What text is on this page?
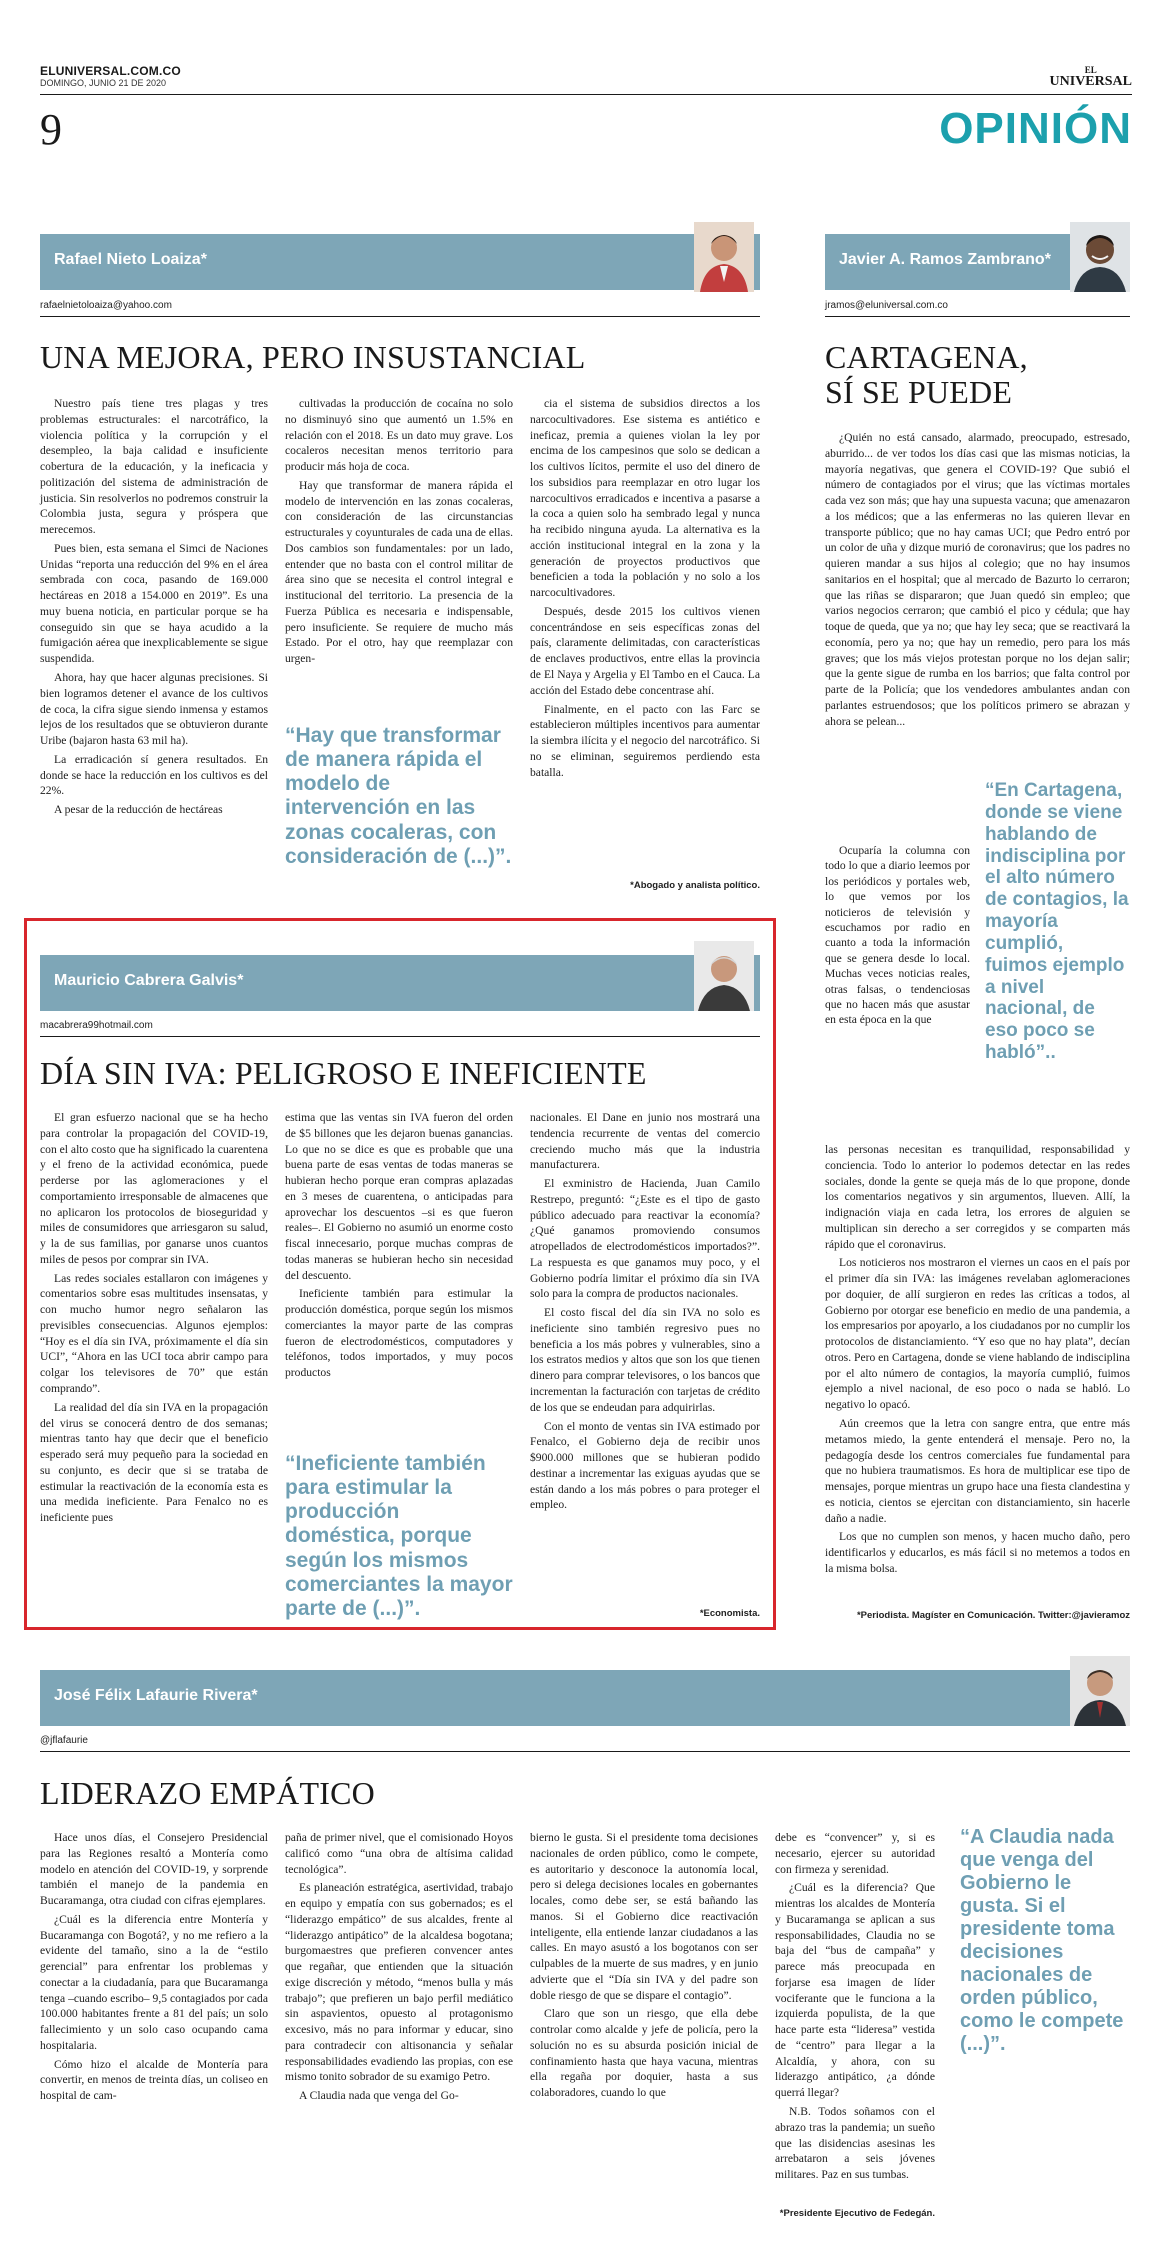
ELUNIVERSAL.COM.CO
DOMINGO, JUNIO 21 DE 2020
EL
UNIVERSAL
9	OPINIÓN
Rafael Nieto Loaiza*
rafaelnietoloaiza@yahoo.com
UNA MEJORA, PERO INSUSTANCIAL

Nuestro país tiene tres plagas y tres problemas estructurales: el narcotráfico, la violencia política y la corrupción y el desempleo, la baja calidad e insuficiente cobertura de la educación, y la ineficacia y politización del sistema de administración de justicia. Sin resolverlos no podremos construir la Colombia justa, segura y próspera que merecemos.

Pues bien, esta semana el Simci de Naciones Unidas “reporta una reducción del 9% en el área sembrada con coca, pasando de 169.000 hectáreas en 2018 a 154.000 en 2019”. Es una muy buena noticia, en particular porque se ha conseguido sin que se haya acudido a la fumigación aérea que inexplicablemente se sigue suspendida.

Ahora, hay que hacer algunas precisiones. Si bien logramos detener el avance de los cultivos de coca, la cifra sigue siendo inmensa y estamos lejos de los resultados que se obtuvieron durante Uribe (bajaron hasta 63 mil ha).

La erradicación sí genera resultados. En donde se hace la reducción en los cultivos es del 22%.

A pesar de la reducción de hectáreas

cultivadas la producción de cocaína no solo no disminuyó sino que aumentó un 1.5% en relación con el 2018. Es un dato muy grave. Los cocaleros necesitan menos territorio para producir más hoja de coca.

Hay que transformar de manera rápida el modelo de intervención en las zonas cocaleras, con consideración de las circunstancias estructurales y coyunturales de cada una de ellas. Dos cambios son fundamentales: por un lado, entender que no basta con el control militar de área sino que se necesita el control integral e institucional del territorio. La presencia de la Fuerza Pública es necesaria e indispensable, pero insuficiente. Se requiere de mucho más Estado. Por el otro, hay que reemplazar con urgen-

“Hay que transformar de manera rápida el modelo de intervención en las zonas cocaleras, con consideración de (...)”.

cia el sistema de subsidios directos a los narcocultivadores. Ese sistema es antiético e ineficaz, premia a quienes violan la ley por encima de los campesinos que solo se dedican a los cultivos lícitos, permite el uso del dinero de los subsidios para reemplazar en otro lugar los narcocultivos erradicados e incentiva a pasarse a la coca a quien solo ha sembrado legal y nunca ha recibido ninguna ayuda. La alternativa es la acción institucional integral en la zona y la generación de proyectos productivos que beneficien a toda la población y no solo a los narcocultivadores.

Después, desde 2015 los cultivos vienen concentrándose en seis específicas zonas del país, claramente delimitadas, con características de enclaves productivos, entre ellas la provincia de El Naya y Argelia y El Tambo en el Cauca. La acción del Estado debe concentrase ahí.

Finalmente, en el pacto con las Farc se establecieron múltiples incentivos para aumentar la siembra ilícita y el negocio del narcotráfico. Si no se eliminan, seguiremos perdiendo esta batalla.

*Abogado y analista político.
Javier A. Ramos Zambrano*
jramos@eluniversal.com.co
CARTAGENA,
SÍ SE PUEDE

¿Quién no está cansado, alarmado, preocupado, estresado, aburrido... de ver todos los días casi que las mismas noticias, la mayoría negativas, que genera el COVID-19? Que subió el número de contagiados por el virus; que las víctimas mortales cada vez son más; que hay una supuesta vacuna; que amenazaron a los médicos; que a las enfermeras no las quieren llevar en transporte público; que no hay camas UCI; que Pedro entró por un color de uña y dizque murió de coronavirus; que los padres no quieren mandar a sus hijos al colegio; que no hay insumos sanitarios en el hospital; que al mercado de Bazurto lo cerraron; que las riñas se dispararon; que Juan quedó sin empleo; que varios negocios cerraron; que cambió el pico y cédula; que hay toque de queda, que ya no; que hay ley seca; que se reactivará la economía, pero ya no; que hay un remedio, pero para los más graves; que los más viejos protestan porque no los dejan salir; que la gente sigue de rumba en los barrios; que falta control por parte de la Policía; que los vendedores ambulantes andan con parlantes estruendosos; que los políticos primero se abrazan y ahora se pelean...

Ocuparía la columna con todo lo que a diario leemos por los periódicos y portales web, lo que vemos por los noticieros de televisión y escuchamos por radio en cuanto a toda la información que se genera desde lo local. Muchas veces noticias reales, otras falsas, o tendenciosas que no hacen más que asustar en esta época en la que

“En Cartagena, donde se viene hablando de indisciplina por el alto número de contagios, la mayoría cumplió, fuimos ejemplo a nivel nacional, de eso poco se habló”..

las personas necesitan es tranquilidad, responsabilidad y conciencia. Todo lo anterior lo podemos detectar en las redes sociales, donde la gente se queja más de lo que propone, donde los comentarios negativos y sin argumentos, llueven. Allí, la indignación viaja en cada letra, los errores de alguien se multiplican sin derecho a ser corregidos y se comparten más rápido que el coronavirus.

Los noticieros nos mostraron el viernes un caos en el país por el primer día sin IVA: las imágenes revelaban aglomeraciones por doquier, de allí surgieron en redes las críticas a todos, al Gobierno por otorgar ese beneficio en medio de una pandemia, a los empresarios por apoyarlo, a los ciudadanos por no cumplir los protocolos de distanciamiento. “Y eso que no hay plata”, decían otros. Pero en Cartagena, donde se viene hablando de indisciplina por el alto número de contagios, la mayoría cumplió, fuimos ejemplo a nivel nacional, de eso poco o nada se habló. Lo negativo lo opacó.

Aún creemos que la letra con sangre entra, que entre más metamos miedo, la gente entenderá el mensaje. Pero no, la pedagogía desde los centros comerciales fue fundamental para que no hubiera traumatismos. Es hora de multiplicar ese tipo de mensajes, porque mientras un grupo hace una fiesta clandestina y es noticia, cientos se ejercitan con distanciamiento, sin hacerle daño a nadie.

Los que no cumplen son menos, y hacen mucho daño, pero identificarlos y educarlos, es más fácil si no metemos a todos en la misma bolsa.

*Periodista. Magíster en Comunicación. Twitter:@javieramoz
Mauricio Cabrera Galvis*
macabrera99hotmail.com
DÍA SIN IVA: PELIGROSO E INEFICIENTE

El gran esfuerzo nacional que se ha hecho para controlar la propagación del COVID-19, con el alto costo que ha significado la cuarentena y el freno de la actividad económica, puede perderse por las aglomeraciones y el comportamiento irresponsable de almacenes que no aplicaron los protocolos de bioseguridad y miles de consumidores que arriesgaron su salud, y la de sus familias, por ganarse unos cuantos miles de pesos por comprar sin IVA.

Las redes sociales estallaron con imágenes y comentarios sobre esas multitudes insensatas, y con mucho humor negro señalaron las previsibles consecuencias. Algunos ejemplos: “Hoy es el día sin IVA, próximamente el día sin UCI”, “Ahora en las UCI toca abrir campo para colgar los televisores de 70” que están comprando”.

La realidad del día sin IVA en la propagación del virus se conocerá dentro de dos semanas; mientras tanto hay que decir que el beneficio esperado será muy pequeño para la sociedad en su conjunto, es decir que si se trataba de estimular la reactivación de la economía esta es una medida ineficiente. Para Fenalco no es ineficiente pues

estima que las ventas sin IVA fueron del orden de $5 billones que les dejaron buenas ganancias. Lo que no se dice es que es probable que una buena parte de esas ventas de todas maneras se hubieran hecho porque eran compras aplazadas en 3 meses de cuarentena, o anticipadas para aprovechar los descuentos –si es que fueron reales–. El Gobierno no asumió un enorme costo fiscal innecesario, porque muchas compras de todas maneras se hubieran hecho sin necesidad del descuento.

Ineficiente también para estimular la producción doméstica, porque según los mismos comerciantes la mayor parte de las compras fueron de electrodomésticos, computadores y teléfonos, todos importados, y muy pocos productos

“Ineficiente también para estimular la producción doméstica, porque según los mismos comerciantes la mayor parte de (...)”.

nacionales. El Dane en junio nos mostrará una tendencia recurrente de ventas del comercio creciendo mucho más que la industria manufacturera.

El exministro de Hacienda, Juan Camilo Restrepo, preguntó: “¿Este es el tipo de gasto público adecuado para reactivar la economía? ¿Qué ganamos promoviendo consumos atropellados de electrodomésticos importados?”. La respuesta es que ganamos muy poco, y el Gobierno podría limitar el próximo día sin IVA solo para la compra de productos nacionales.

El costo fiscal del día sin IVA no solo es ineficiente sino también regresivo pues no beneficia a los más pobres y vulnerables, sino a los estratos medios y altos que son los que tienen dinero para comprar televisores, o los bancos que incrementan la facturación con tarjetas de crédito de los que se endeudan para adquirirlas.

Con el monto de ventas sin IVA estimado por Fenalco, el Gobierno deja de recibir unos $900.000 millones que se hubieran podido destinar a incrementar las exiguas ayudas que se están dando a los más pobres o para proteger el empleo.

*Economista.
José Félix Lafaurie Rivera*
@jflafaurie
LIDERAZO EMPÁTICO

Hace unos días, el Consejero Presidencial para las Regiones resaltó a Montería como modelo en atención del COVID-19, y sorprende también el manejo de la pandemia en Bucaramanga, otra ciudad con cifras ejemplares.

¿Cuál es la diferencia entre Montería y Bucaramanga con Bogotá?, y no me refiero a la evidente del tamaño, sino a la de “estilo gerencial” para enfrentar los problemas y conectar a la ciudadanía, para que Bucaramanga tenga –cuando escribo– 9,5 contagiados por cada 100.000 habitantes frente a 81 del país; un solo fallecimiento y un solo caso ocupando cama hospitalaria.

Cómo hizo el alcalde de Montería para convertir, en menos de treinta días, un coliseo en hospital de cam-

paña de primer nivel, que el comisionado Hoyos calificó como “una obra de altísima calidad tecnológica”.

Es planeación estratégica, asertividad, trabajo en equipo y empatía con sus gobernados; es el “liderazgo empático” de sus alcaldes, frente al “liderazgo antipático” de la alcaldesa bogotana; burgomaestres que prefieren convencer antes que regañar, que entienden que la situación exige discreción y método, “menos bulla y más trabajo”; que prefieren un bajo perfil mediático sin aspavientos, opuesto al protagonismo excesivo, más no para informar y educar, sino para contradecir con altisonancia y señalar responsabilidades evadiendo las propias, con ese mismo tonito sobrador de su examigo Petro.

A Claudia nada que venga del Go-

bierno le gusta. Si el presidente toma decisiones nacionales de orden público, como le compete, es autoritario y desconoce la autonomía local, pero si delega decisiones locales en gobernantes locales, como debe ser, se está bañando las manos. Si el Gobierno dice reactivación inteligente, ella entiende lanzar ciudadanos a las calles. En mayo asustó a los bogotanos con ser culpables de la muerte de sus madres, y en junio advierte que el “Día sin IVA y del padre son doble riesgo de que se dispare el contagio”.

Claro que son un riesgo, que ella debe controlar como alcalde y jefe de policía, pero la solución no es su absurda posición inicial de confinamiento hasta que haya vacuna, mientras ella regaña por doquier, hasta a sus colaboradores, cuando lo que

debe es “convencer” y, si es necesario, ejercer su autoridad con firmeza y serenidad.

¿Cuál es la diferencia? Que mientras los alcaldes de Montería y Bucaramanga se aplican a sus responsabilidades, Claudia no se baja del “bus de campaña” y parece más preocupada en forjarse esa imagen de líder vociferante que le funciona a la izquierda populista, de la que hace parte esta “lideresa” vestida de “centro” para llegar a la Alcaldía, y ahora, con su liderazgo antipático, ¿a dónde querrá llegar?

N.B. Todos soñamos con el abrazo tras la pandemia; un sueño que las disidencias asesinas les arrebataron a seis jóvenes militares. Paz en sus tumbas.

“A Claudia nada que venga del Gobierno le gusta. Si el presidente toma decisiones nacionales de orden público, como le compete (...)”.
*Presidente Ejecutivo de Fedegán.
